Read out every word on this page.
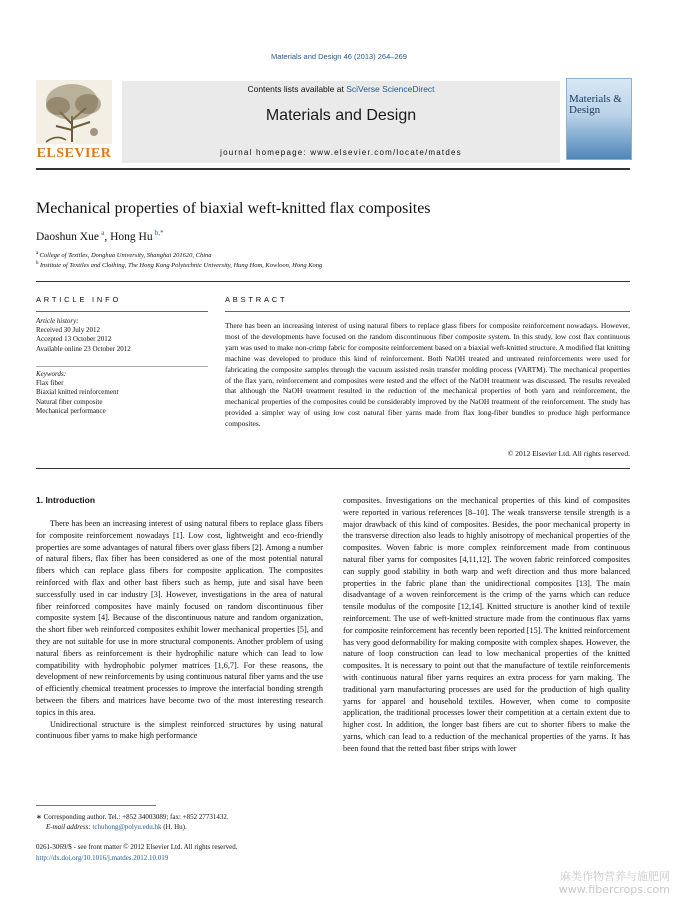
Materials and Design 46 (2013) 264–269
ELSEVIER
Contents lists available at SciVerse ScienceDirect
Materials and Design
journal homepage: www.elsevier.com/locate/matdes
Materials & Design
Mechanical properties of biaxial weft-knitted flax composites
Daoshun Xue  $^a$, Hong Hu  $^{b,*}$
$^a$ College of Textiles, Donghua University, Shanghai 201620, China
$^b$ Institute of Textiles and Clothing, The Hong Kong Polytechnic University, Hung Hom, Kowloon, Hong Kong
ARTICLE INFO
Article history:
Received 30 July 2012
Accepted 13 October 2012
Available online 23 October 2012
Keywords:
Flax fiber
Biaxial knitted reinforcement
Natural fiber composite
Mechanical performance
ABSTRACT
There has been an increasing interest of using natural fibers to replace glass fibers for composite reinforcement nowadays. However, most of the developments have focused on the random discontinuous fiber composite system. In this study, low cost flax continuous yarn was used to make non-crimp fabric for composite reinforcement based on a biaxial weft-knitted structure. A modified flat knitting machine was developed to produce this kind of reinforcement. Both NaOH treated and untreated reinforcements were used for fabricating the composite samples through the vacuum assisted resin transfer molding process (VARTM). The mechanical properties of the flax yarn, reinforcement and composites were tested and the effect of the NaOH treatment was discussed. The results revealed that although the NaOH treatment resulted in the reduction of the mechanical properties of both yarn and reinforcement, the mechanical properties of the composites could be considerably improved by the NaOH treatment of the reinforcement. The study has provided a simpler way of using low cost natural fiber yarns made from flax long-fiber bundles to produce high performance composites.
© 2012 Elsevier Ltd. All rights reserved.
1. Introduction

There has been an increasing interest of using natural fibers to replace glass fibers for composite reinforcement nowadays [1]. Low cost, lightweight and eco-friendly properties are some advantages of natural fibers over glass fibers [2]. Among a number of natural fibers, flax fiber has been considered as one of the most potential natural fibers which can replace glass fibers for composite application. The composites reinforced with flax and other bast fibers such as hemp, jute and sisal have been successfully used in car industry [3]. However, investigations in the area of natural fiber reinforced composites have mainly focused on random discontinuous fiber composite system [4]. Because of the discontinuous nature and random organization, the short fiber web reinforced composites exhibit lower mechanical properties [5], and they are not suitable for use in more structural components. Another problem of using natural fibers as reinforcement is their hydrophilic nature which can lead to low compatibility with hydrophobic polymer matrices [1,6,7]. For these reasons, the development of new reinforcements by using continuous natural fiber yarns and the use of efficiently chemical treatment processes to improve the interfacial bonding strength between the fibers and matrices have become two of the most interesting research topics in this area.

Unidirectional structure is the simplest reinforced structures by using natural continuous fiber yarns to make high performance

composites. Investigations on the mechanical properties of this kind of composites were reported in various references [8–10]. The weak transverse tensile strength is a major drawback of this kind of composites. Besides, the poor mechanical property in the transverse direction also leads to highly anisotropy of mechanical properties of the composites. Woven fabric is more complex reinforcement made from continuous natural fiber yarns for composites [4,11,12]. The woven fabric reinforced composites can supply good stability in both warp and weft direction and thus more balanced properties in the fabric plane than the unidirectional composites [13]. The main disadvantage of a woven reinforcement is the crimp of the yarns which can reduce tensile modulus of the composite [12,14]. Knitted structure is another kind of textile reinforcement. The use of weft-knitted structure made from the continuous flax yarns for composite reinforcement has recently been reported [15]. The knitted reinforcement has very good deformability for making composite with complex shapes. However, the nature of loop construction can lead to low mechanical properties of the knitted composites. It is necessary to point out that the manufacture of textile reinforcements with continuous natural fiber yarns requires an extra process for yarn making. The traditional yarn manufacturing processes are used for the production of high quality yarns for apparel and household textiles. However, when come to composite application, the traditional processes lower their competition at a certain extent due to higher cost. In addition, the longer bast fibers are cut to shorter fibers to make the yarns, which can lead to a reduction of the mechanical properties of the yarns. It has been found that the retted bast fiber strips with lower

∗ Corresponding author. Tel.: +852 34003089; fax: +852 27731432.
E-mail address: tchuhong@polyu.edu.hk (H. Hu).
0261-3069/$ - see front matter © 2012 Elsevier Ltd. All rights reserved.
http://dx.doi.org/10.1016/j.matdes.2012.10.019
麻类作物营养与施肥网
www.fibercrops.com
